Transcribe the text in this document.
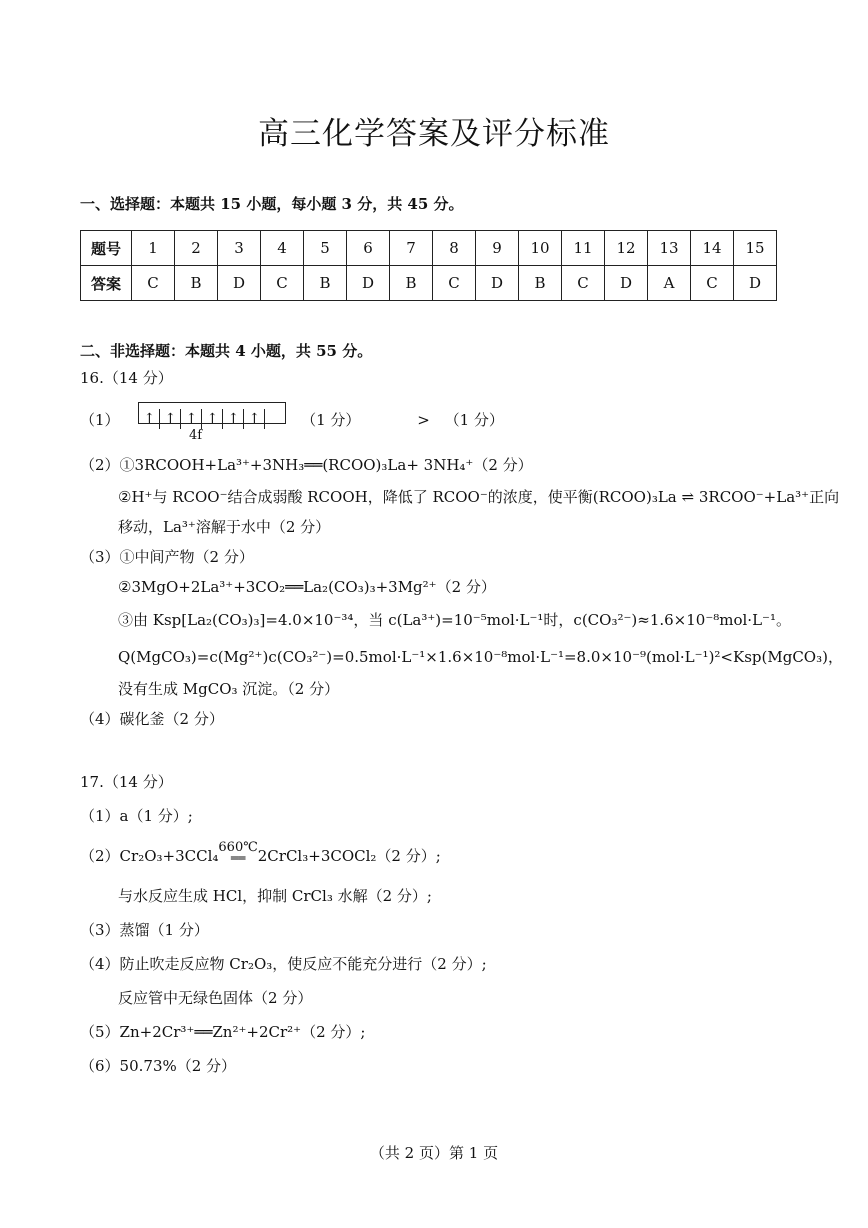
高三化学答案及评分标准
一、选择题：本题共 15 小题，每小题 3 分，共 45 分。
题号	1	2	3	4	5	6	7	8	9	10	11	12	13	14	15
答案	C	B	D	C	B	D	B	C	D	B	C	D	A	C	D
二、非选择题：本题共 4 小题，共 55 分。
16.（14 分）
（1） ↑ ↑ ↑ ↑ ↑ ↑	（1 分）	> （1 分）
4f
（2）①3RCOOH+La³⁺+3NH₃══(RCOO)₃La+ 3NH₄⁺（2 分）
②H⁺与 RCOO⁻结合成弱酸 RCOOH，降低了 RCOO⁻的浓度，使平衡(RCOO)₃La ⇌ 3RCOO⁻+La³⁺正向
移动，La³⁺溶解于水中（2 分）
（3）①中间产物（2 分）
②3MgO+2La³⁺+3CO₂══La₂(CO₃)₃+3Mg²⁺（2 分）
③由 Ksp[La₂(CO₃)₃]=4.0×10⁻³⁴，当 c(La³⁺)=10⁻⁵mol·L⁻¹时，c(CO₃²⁻)≈1.6×10⁻⁸mol·L⁻¹。
Q(MgCO₃)=c(Mg²⁺)c(CO₃²⁻)=0.5mol·L⁻¹×1.6×10⁻⁸mol·L⁻¹=8.0×10⁻⁹(mol·L⁻¹)²<Ksp(MgCO₃)，
没有生成 MgCO₃ 沉淀。（2 分）
（4）碳化釜（2 分）
17.（14 分）
（1）a（1 分）;
（2）Cr₂O₃+3CCl₄ 660℃
══ 2CrCl₃+3COCl₂（2 分）;
与水反应生成 HCl，抑制 CrCl₃ 水解（2 分）;
（3）蒸馏（1 分）
（4）防止吹走反应物 Cr₂O₃，使反应不能充分进行（2 分）;
反应管中无绿色固体（2 分）
（5）Zn+2Cr³⁺══Zn²⁺+2Cr²⁺（2 分）;
（6）50.73%（2 分）
（共 2 页）第 1 页
